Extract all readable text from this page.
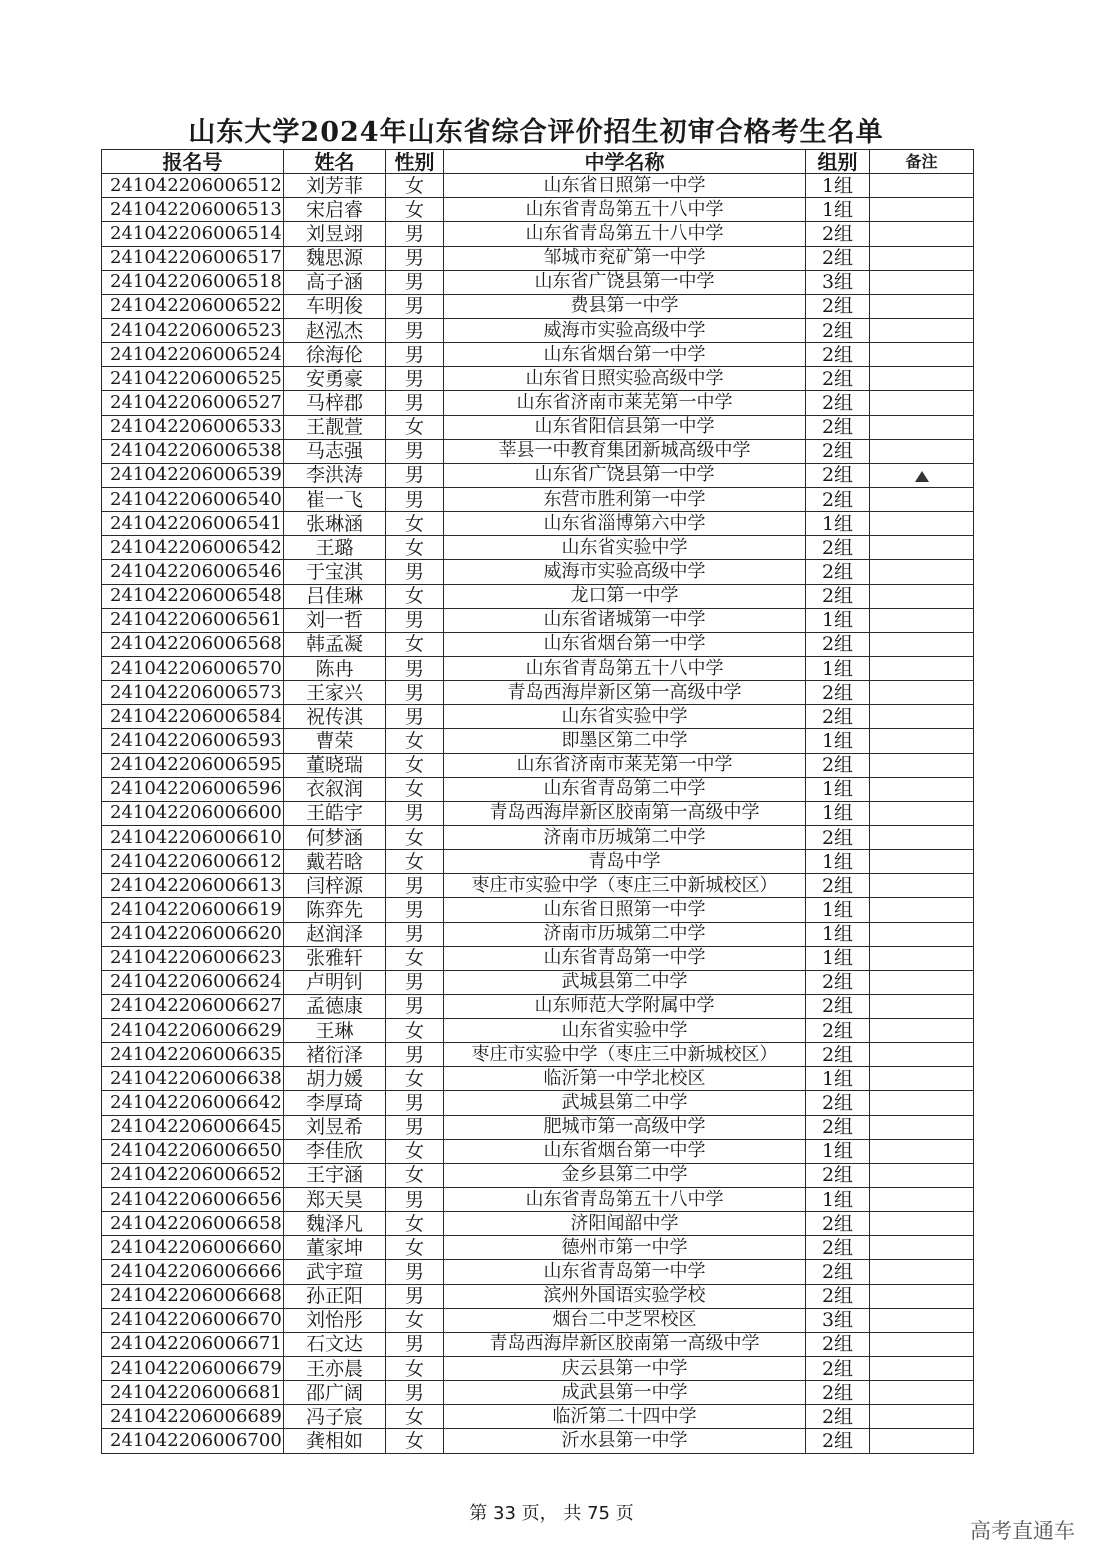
山东大学2024年山东省综合评价招生初审合格考生名单
报名号	姓名	性别	中学名称	组别	备注
241042206006512	刘芳菲	女	山东省日照第一中学	1组	
241042206006513	宋启睿	女	山东省青岛第五十八中学	1组	
241042206006514	刘昱翊	男	山东省青岛第五十八中学	2组	
241042206006517	魏思源	男	邹城市兖矿第一中学	2组	
241042206006518	高子涵	男	山东省广饶县第一中学	3组	
241042206006522	车明俊	男	费县第一中学	2组	
241042206006523	赵泓杰	男	威海市实验高级中学	2组	
241042206006524	徐海伦	男	山东省烟台第一中学	2组	
241042206006525	安勇豪	男	山东省日照实验高级中学	2组	
241042206006527	马梓郡	男	山东省济南市莱芜第一中学	2组	
241042206006533	王靓萱	女	山东省阳信县第一中学	2组	
241042206006538	马志强	男	莘县一中教育集团新城高级中学	2组	
241042206006539	李洪涛	男	山东省广饶县第一中学	2组	
241042206006540	崔一飞	男	东营市胜利第一中学	2组	
241042206006541	张琳涵	女	山东省淄博第六中学	1组	
241042206006542	王璐	女	山东省实验中学	2组	
241042206006546	于宝淇	男	威海市实验高级中学	2组	
241042206006548	吕佳琳	女	龙口第一中学	2组	
241042206006561	刘一哲	男	山东省诸城第一中学	1组	
241042206006568	韩孟凝	女	山东省烟台第一中学	2组	
241042206006570	陈冉	男	山东省青岛第五十八中学	1组	
241042206006573	王家兴	男	青岛西海岸新区第一高级中学	2组	
241042206006584	祝传淇	男	山东省实验中学	2组	
241042206006593	曹荣	女	即墨区第二中学	1组	
241042206006595	董晓瑞	女	山东省济南市莱芜第一中学	2组	
241042206006596	衣叙润	女	山东省青岛第二中学	1组	
241042206006600	王皓宇	男	青岛西海岸新区胶南第一高级中学	1组	
241042206006610	何梦涵	女	济南市历城第二中学	2组	
241042206006612	戴若晗	女	青岛中学	1组	
241042206006613	闫梓源	男	枣庄市实验中学（枣庄三中新城校区）	2组	
241042206006619	陈弈先	男	山东省日照第一中学	1组	
241042206006620	赵润泽	男	济南市历城第二中学	1组	
241042206006623	张雅轩	女	山东省青岛第一中学	1组	
241042206006624	卢明钊	男	武城县第二中学	2组	
241042206006627	孟德康	男	山东师范大学附属中学	2组	
241042206006629	王琳	女	山东省实验中学	2组	
241042206006635	褚衍泽	男	枣庄市实验中学（枣庄三中新城校区）	2组	
241042206006638	胡力媛	女	临沂第一中学北校区	1组	
241042206006642	李厚琦	男	武城县第二中学	2组	
241042206006645	刘昱希	男	肥城市第一高级中学	2组	
241042206006650	李佳欣	女	山东省烟台第一中学	1组	
241042206006652	王宇涵	女	金乡县第二中学	2组	
241042206006656	郑天昊	男	山东省青岛第五十八中学	1组	
241042206006658	魏泽凡	女	济阳闻韶中学	2组	
241042206006660	董家坤	女	德州市第一中学	2组	
241042206006666	武宇瑄	男	山东省青岛第一中学	2组	
241042206006668	孙正阳	男	滨州外国语实验学校	2组	
241042206006670	刘怡彤	女	烟台二中芝罘校区	3组	
241042206006671	石文达	男	青岛西海岸新区胶南第一高级中学	2组	
241042206006679	王亦晨	女	庆云县第一中学	2组	
241042206006681	邵广阔	男	成武县第一中学	2组	
241042206006689	冯子宸	女	临沂第二十四中学	2组	
241042206006700	龚相如	女	沂水县第一中学	2组	
第 33 页， 共 75 页
高考直通车
